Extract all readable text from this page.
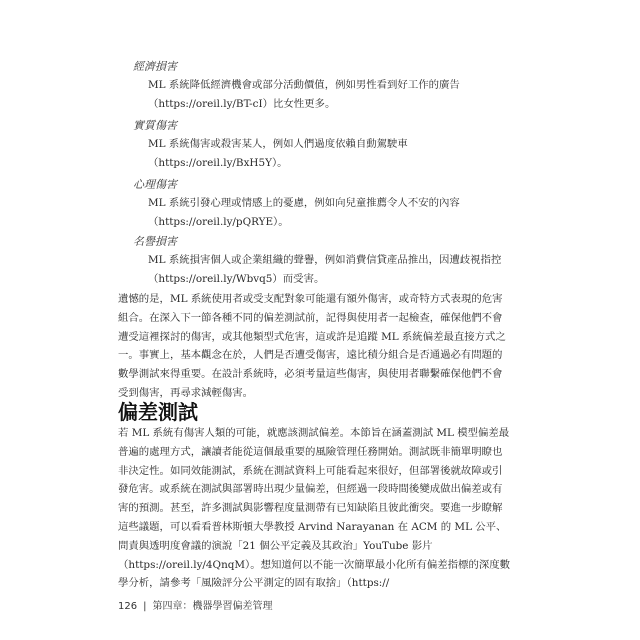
經濟損害

ML 系統降低經濟機會或部分活動價值，例如男性看到好工作的廣告（https://oreil.ly/BT-cI）比女性更多。

實質傷害

ML 系統傷害或殺害某人，例如人們過度依賴自動駕駛車（https://oreil.ly/BxH5Y）。

心理傷害

ML 系統引發心理或情感上的憂慮，例如向兒童推薦令人不安的內容（https://oreil.ly/pQRYE）。

名譽損害

ML 系統損害個人或企業組織的聲譽，例如消費信貸產品推出，因遭歧視指控（https://oreil.ly/Wbvq5）而受害。

遺憾的是，ML 系統使用者或受支配對象可能還有額外傷害，或奇特方式表現的危害組合。在深入下一節各種不同的偏差測試前，記得與使用者一起檢查，確保他們不會遭受這裡探討的傷害，或其他類型式危害，這或許是追蹤 ML 系統偏差最直接方式之一。事實上，基本觀念在於，人們是否遭受傷害，遠比積分組合是否通過必有問題的數學測試來得重要。在設計系統時，必須考量這些傷害，與使用者聯繫確保他們不會受到傷害，再尋求減輕傷害。

偏差測試

若 ML 系統有傷害人類的可能，就應該測試偏差。本節旨在涵蓋測試 ML 模型偏差最普遍的處理方式，讓讀者能從這個最重要的風險管理任務開始。測試既非簡單明瞭也非決定性。如同效能測試，系統在測試資料上可能看起來很好，但部署後就故障或引發危害。或系統在測試與部署時出現少量偏差，但經過一段時間後變成做出偏差或有害的預測。甚至，許多測試與影響程度量測帶有已知缺陷且彼此衝突。要進一步瞭解這些議題，可以看看普林斯頓大學教授 Arvind Narayanan 在 ACM 的 ML 公平、問責與透明度會議的演說「21 個公平定義及其政治」YouTube 影片（https://oreil.ly/4QnqM）。想知道何以不能一次簡單最小化所有偏差指標的深度數學分析，請參考「風險評分公平測定的固有取捨」（https://

126 | 第四章：機器學習偏差管理
